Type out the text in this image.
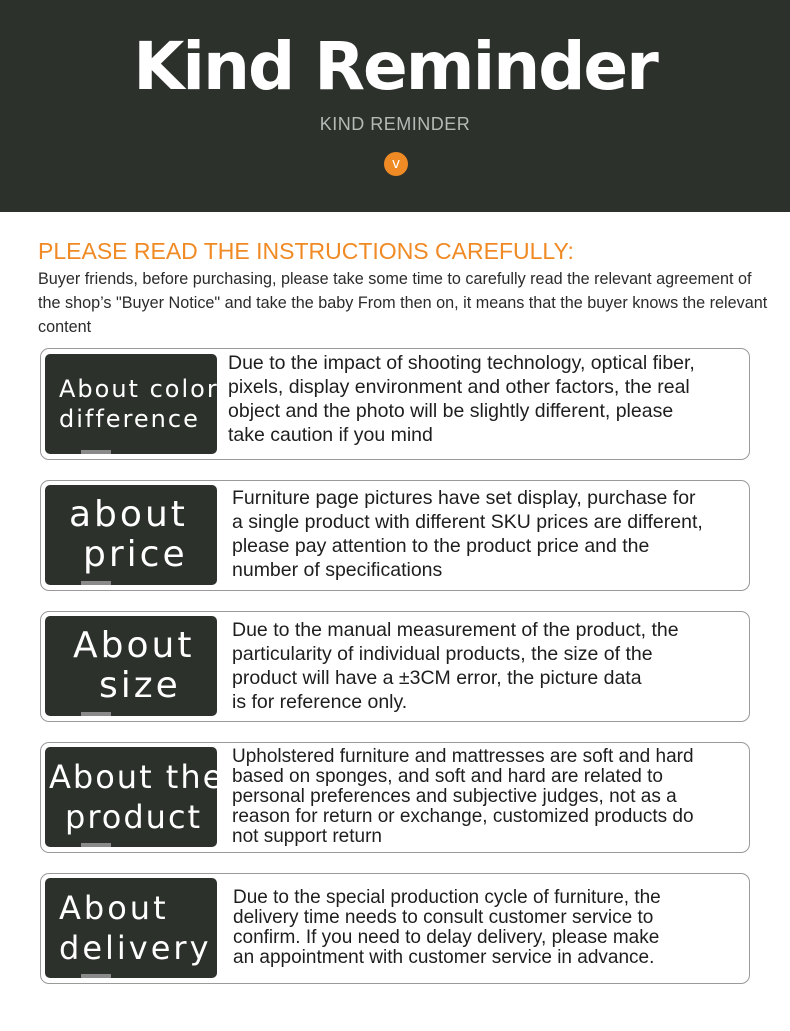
Kind Reminder
KIND REMINDER
v
PLEASE READ THE INSTRUCTIONS CAREFULLY:
Buyer friends, before purchasing, please take some time to carefully read the relevant agreement of the shop’s "Buyer Notice" and take the baby From then on, it means that the buyer knows the relevant content
About color
difference
Due to the impact of shooting technology, optical fiber,
pixels, display environment and other factors, the real
object and the photo will be slightly different, please
take caution if you mind
about
price
Furniture page pictures have set display, purchase for
a single product with different SKU prices are different,
please pay attention to the product price and the
number of specifications
About
size
Due to the manual measurement of the product, the
particularity of individual products, the size of the
product will have a ±3CM error, the picture data
is for reference only.
About the
product
Upholstered furniture and mattresses are soft and hard
based on sponges, and soft and hard are related to
personal preferences and subjective judges, not as a
reason for return or exchange, customized products do
not support return
About
delivery
Due to the special production cycle of furniture, the
delivery time needs to consult customer service to
confirm. If you need to delay delivery, please make
an appointment with customer service in advance.
